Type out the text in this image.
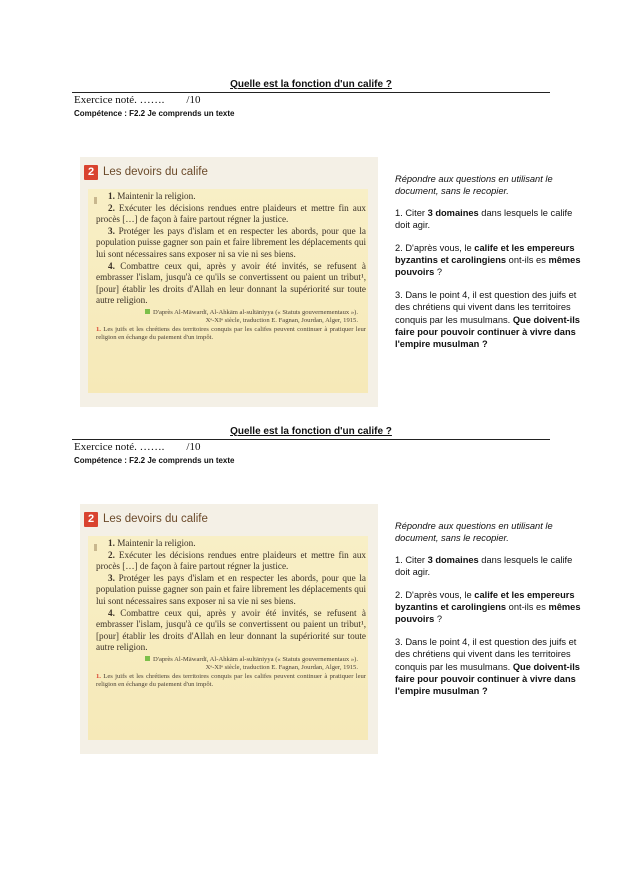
Quelle est la fonction d'un calife ?
Exercice noté. ……. /10
Compétence : F2.2 Je comprends un texte
2 Les devoirs du calife

1. Maintenir la religion.

2. Exécuter les décisions rendues entre plaideurs et mettre fin aux procès […] de façon à faire partout régner la justice.

3. Protéger les pays d'islam et en respecter les abords, pour que la population puisse gagner son pain et faire librement les déplacements qui lui sont nécessaires sans exposer ni sa vie ni ses biens.

4. Combattre ceux qui, après y avoir été invités, se refusent à embrasser l'islam, jusqu'à ce qu'ils se convertissent ou paient un tribut¹, [pour] établir les droits d'Allah en leur donnant la supériorité sur toute autre religion.

D'après Al-Māwardī, Al-Ahkām al-sultāniyya (« Statuts gouvernementaux »).
Xᵉ-XIᵉ siècle, traduction E. Fagnan, Jourdan, Alger, 1915.
1. Les juifs et les chrétiens des territoires conquis par les califes peuvent continuer à pratiquer leur religion en échange du paiement d'un impôt.

Répondre aux questions en utilisant le document, sans le recopier.

1. Citer 3 domaines dans lesquels le calife doit agir.

2. D'après vous, le calife et les empereurs byzantins et carolingiens ont-ils es mêmes pouvoirs ?

3. Dans le point 4, il est question des juifs et des chrétiens qui vivent dans les territoires conquis par les musulmans. Que doivent-ils faire pour pouvoir continuer à vivre dans l'empire musulman ?

Quelle est la fonction d'un calife ?
Exercice noté. ……. /10
Compétence : F2.2 Je comprends un texte
2 Les devoirs du calife

1. Maintenir la religion.

2. Exécuter les décisions rendues entre plaideurs et mettre fin aux procès […] de façon à faire partout régner la justice.

3. Protéger les pays d'islam et en respecter les abords, pour que la population puisse gagner son pain et faire librement les déplacements qui lui sont nécessaires sans exposer ni sa vie ni ses biens.

4. Combattre ceux qui, après y avoir été invités, se refusent à embrasser l'islam, jusqu'à ce qu'ils se convertissent ou paient un tribut¹, [pour] établir les droits d'Allah en leur donnant la supériorité sur toute autre religion.

D'après Al-Māwardī, Al-Ahkām al-sultāniyya (« Statuts gouvernementaux »).
Xᵉ-XIᵉ siècle, traduction E. Fagnan, Jourdan, Alger, 1915.
1. Les juifs et les chrétiens des territoires conquis par les califes peuvent continuer à pratiquer leur religion en échange du paiement d'un impôt.

Répondre aux questions en utilisant le document, sans le recopier.

1. Citer 3 domaines dans lesquels le calife doit agir.

2. D'après vous, le calife et les empereurs byzantins et carolingiens ont-ils es mêmes pouvoirs ?

3. Dans le point 4, il est question des juifs et des chrétiens qui vivent dans les territoires conquis par les musulmans. Que doivent-ils faire pour pouvoir continuer à vivre dans l'empire musulman ?
